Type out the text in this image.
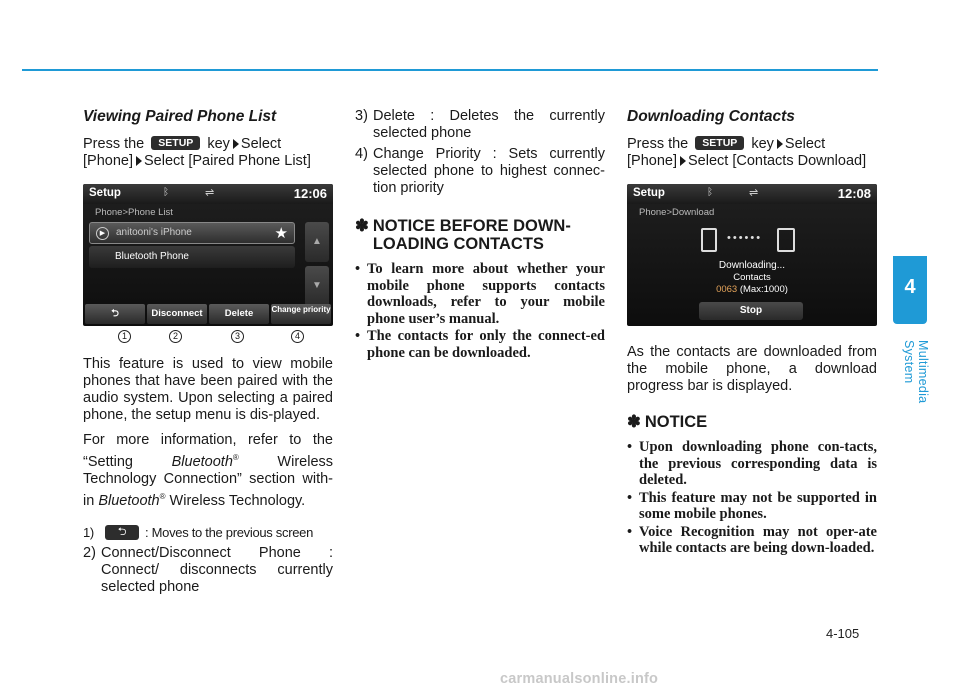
Viewing Paired Phone List

Press the SETUP key Select
[Phone] Select [Paired Phone List]

Setup	ᛒ	⇌	12:06
Phone>Phone List
▶	anitooni's iPhone	★
Bluetooth Phone
▲
▼
⮌	Disconnect	Delete	Change priority
1	2	3	4

This feature is used to view mobile phones that have been paired with the audio system. Upon selecting a paired phone, the setup menu is dis-played.

For more information, refer to the “Setting	Bluetooth®	Wireless Technology Connection” section with-in Bluetooth® Wireless Technology.

1)	⮌	: Moves to the previous screen
2) Connect/Disconnect Phone : Connect/ disconnects currently selected phone
3) Delete : Deletes the currently selected phone
4) Change Priority : Sets currently selected phone to highest connec-tion priority
✽ NOTICE BEFORE DOWN-
LOADING CONTACTS
• To learn more about whether your mobile phone supports contacts downloads, refer to your mobile phone user’s manual.
• The contacts for only the connect-ed phone can be downloaded.
Downloading Contacts

Press the SETUP key Select
[Phone] Select [Contacts Download]

Setup	ᛒ	⇌	12:08
Phone>Download
••••••
Downloading...
Contacts
0063 (Max:1000)
Stop

As the contacts are downloaded from the mobile phone, a download progress bar is displayed.

✽ NOTICE
• Upon downloading phone con-tacts, the previous corresponding data is deleted.
• This feature may not be supported in some mobile phones.
• Voice Recognition may not oper-ate while contacts are being down-loaded.
4
Multimedia System
4-105
carmanualsonline.info
